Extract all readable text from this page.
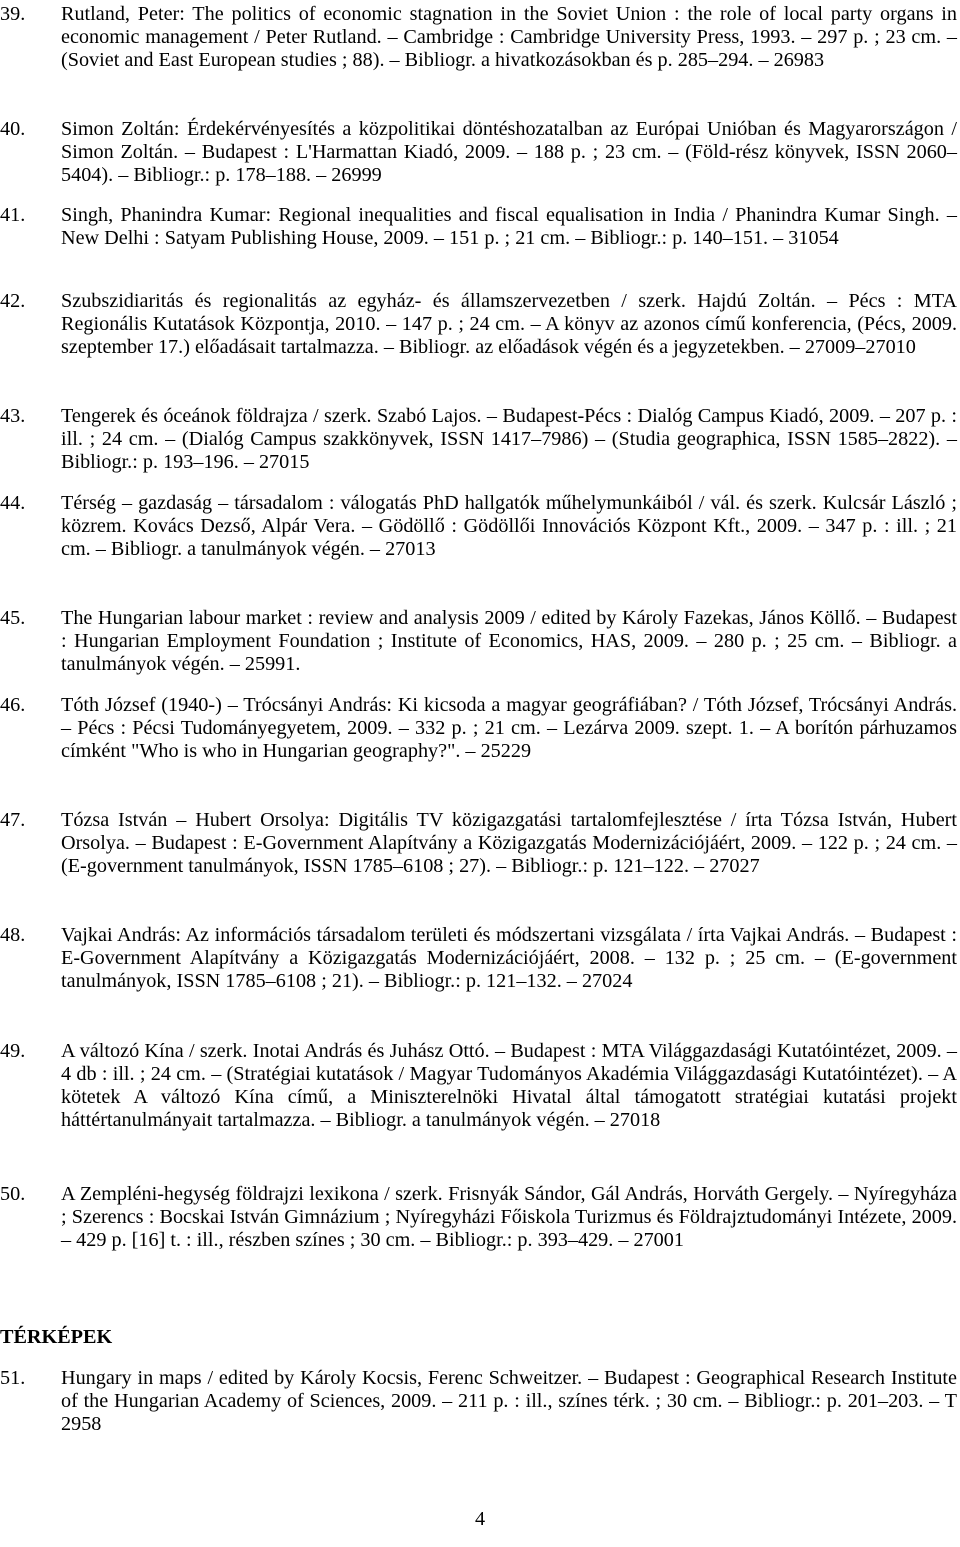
39.	Rutland, Peter: The politics of economic stagnation in the Soviet Union : the role of local party organs in economic management / Peter Rutland. – Cambridge : Cambridge University Press, 1993. – 297 p. ; 23 cm. – (Soviet and East European studies ; 88). – Bibliogr. a hivatkozásokban és p. 285–294. – 26983
40.	Simon Zoltán: Érdekérvényesítés a közpolitikai döntéshozatalban az Európai Unióban és Magyarországon / Simon Zoltán. – Budapest : L'Harmattan Kiadó, 2009. – 188 p. ; 23 cm. – (Föld-rész könyvek, ISSN 2060–5404). – Bibliogr.: p. 178–188. – 26999
41.	Singh, Phanindra Kumar: Regional inequalities and fiscal equalisation in India / Phanindra Kumar Singh. – New Delhi : Satyam Publishing House, 2009. – 151 p. ; 21 cm. – Bibliogr.: p. 140–151. – 31054
42.	Szubszidiaritás és regionalitás az egyház- és államszervezetben / szerk. Hajdú Zoltán. – Pécs : MTA Regionális Kutatások Központja, 2010. – 147 p. ; 24 cm. – A könyv az azonos című konferencia, (Pécs, 2009. szeptember 17.) előadásait tartalmazza. – Bibliogr. az előadások végén és a jegyzetekben. – 27009–27010
43.	Tengerek és óceánok földrajza / szerk. Szabó Lajos. – Budapest-Pécs : Dialóg Campus Kiadó, 2009. – 207 p. : ill. ; 24 cm. – (Dialóg Campus szakkönyvek, ISSN 1417–7986) – (Studia geographica, ISSN 1585–2822). – Bibliogr.: p. 193–196. – 27015
44.	Térség – gazdaság – társadalom : válogatás PhD hallgatók műhelymunkáiból / vál. és szerk. Kulcsár László ; közrem. Kovács Dezső, Alpár Vera. – Gödöllő : Gödöllői Innovációs Központ Kft., 2009. – 347 p. : ill. ; 21 cm. – Bibliogr. a tanulmányok végén. – 27013
45.	The Hungarian labour market : review and analysis 2009 / edited by Károly Fazekas, János Köllő. – Budapest : Hungarian Employment Foundation ; Institute of Economics, HAS, 2009. – 280 p. ; 25 cm. – Bibliogr. a tanulmányok végén. – 25991.
46.	Tóth József (1940-) – Trócsányi András: Ki kicsoda a magyar geográfiában? / Tóth József, Trócsányi András. – Pécs : Pécsi Tudományegyetem, 2009. – 332 p. ; 21 cm. – Lezárva 2009. szept. 1. – A borítón párhuzamos címként "Who is who in Hungarian geography?". – 25229
47.	Tózsa István – Hubert Orsolya: Digitális TV közigazgatási tartalomfejlesztése / írta Tózsa István, Hubert Orsolya. – Budapest : E-Government Alapítvány a Közigazgatás Modernizációjáért, 2009. – 122 p. ; 24 cm. – (E-government tanulmányok, ISSN 1785–6108 ; 27). – Bibliogr.: p. 121–122. – 27027
48.	Vajkai András: Az információs társadalom területi és módszertani vizsgálata / írta Vajkai András. – Budapest : E-Government Alapítvány a Közigazgatás Modernizációjáért, 2008. – 132 p. ; 25 cm. – (E-government tanulmányok, ISSN 1785–6108 ; 21). – Bibliogr.: p. 121–132. – 27024
49.	A változó Kína / szerk. Inotai András és Juhász Ottó. – Budapest : MTA Világgazdasági Kutatóintézet, 2009. – 4 db : ill. ; 24 cm. – (Stratégiai kutatások / Magyar Tudományos Akadémia Világgazdasági Kutatóintézet). – A kötetek A változó Kína című, a Miniszterelnöki Hivatal által támogatott stratégiai kutatási projekt háttértanulmányait tartalmazza. – Bibliogr. a tanulmányok végén. – 27018
50.	A Zempléni-hegység földrajzi lexikona / szerk. Frisnyák Sándor, Gál András, Horváth Gergely. – Nyíregyháza ; Szerencs : Bocskai István Gimnázium ; Nyíregyházi Főiskola Turizmus és Földrajztudományi Intézete, 2009. – 429 p. [16] t. : ill., részben színes ; 30 cm. – Bibliogr.: p. 393–429. – 27001
TÉRKÉPEK
51.	Hungary in maps / edited by Károly Kocsis, Ferenc Schweitzer. – Budapest : Geographical Research Institute of the Hungarian Academy of Sciences, 2009. – 211 p. : ill., színes térk. ; 30 cm. – Bibliogr.: p. 201–203. – T 2958
4
